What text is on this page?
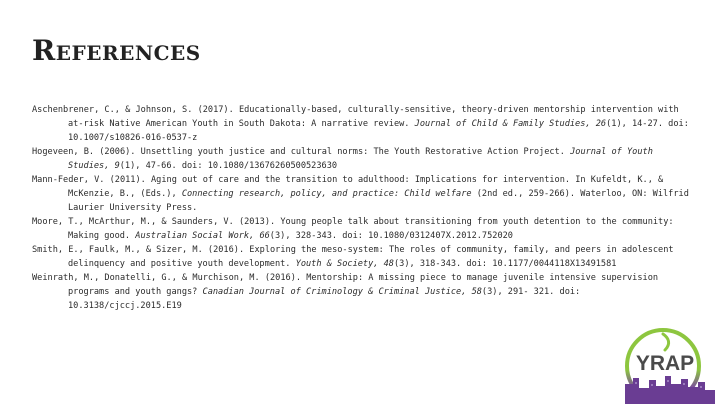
References

Aschenbrener, C., & Johnson, S. (2017). Educationally-based, culturally-sensitive, theory-driven mentorship intervention with at-risk Native American Youth in South Dakota: A narrative review. Journal of Child & Family Studies, 26(1), 14-27. doi: 10.1007/s10826-016-0537-z

Hogeveen, B. (2006). Unsettling youth justice and cultural norms: The Youth Restorative Action Project. Journal of Youth Studies, 9(1), 47-66. doi: 10.1080/13676260500523630

Mann-Feder, V. (2011). Aging out of care and the transition to adulthood: Implications for intervention. In Kufeldt, K., & McKenzie, B., (Eds.), Connecting research, policy, and practice: Child welfare (2nd ed., 259-266). Waterloo, ON: Wilfrid Laurier University Press.

Moore, T., McArthur, M., & Saunders, V. (2013). Young people talk about transitioning from youth detention to the community: Making good. Australian Social Work, 66(3), 328-343. doi: 10.1080/0312407X.2012.752020

Smith, E., Faulk, M., & Sizer, M. (2016). Exploring the meso-system: The roles of community, family, and peers in adolescent delinquency and positive youth development. Youth & Society, 48(3), 318-343. doi: 10.1177/0044118X13491581

Weinrath, M., Donatelli, G., & Murchison, M. (2016). Mentorship: A missing piece to manage juvenile intensive supervision programs and youth gangs? Canadian Journal of Criminology & Criminal Justice, 58(3), 291- 321. doi: 10.3138/cjccj.2015.E19

YRAP
